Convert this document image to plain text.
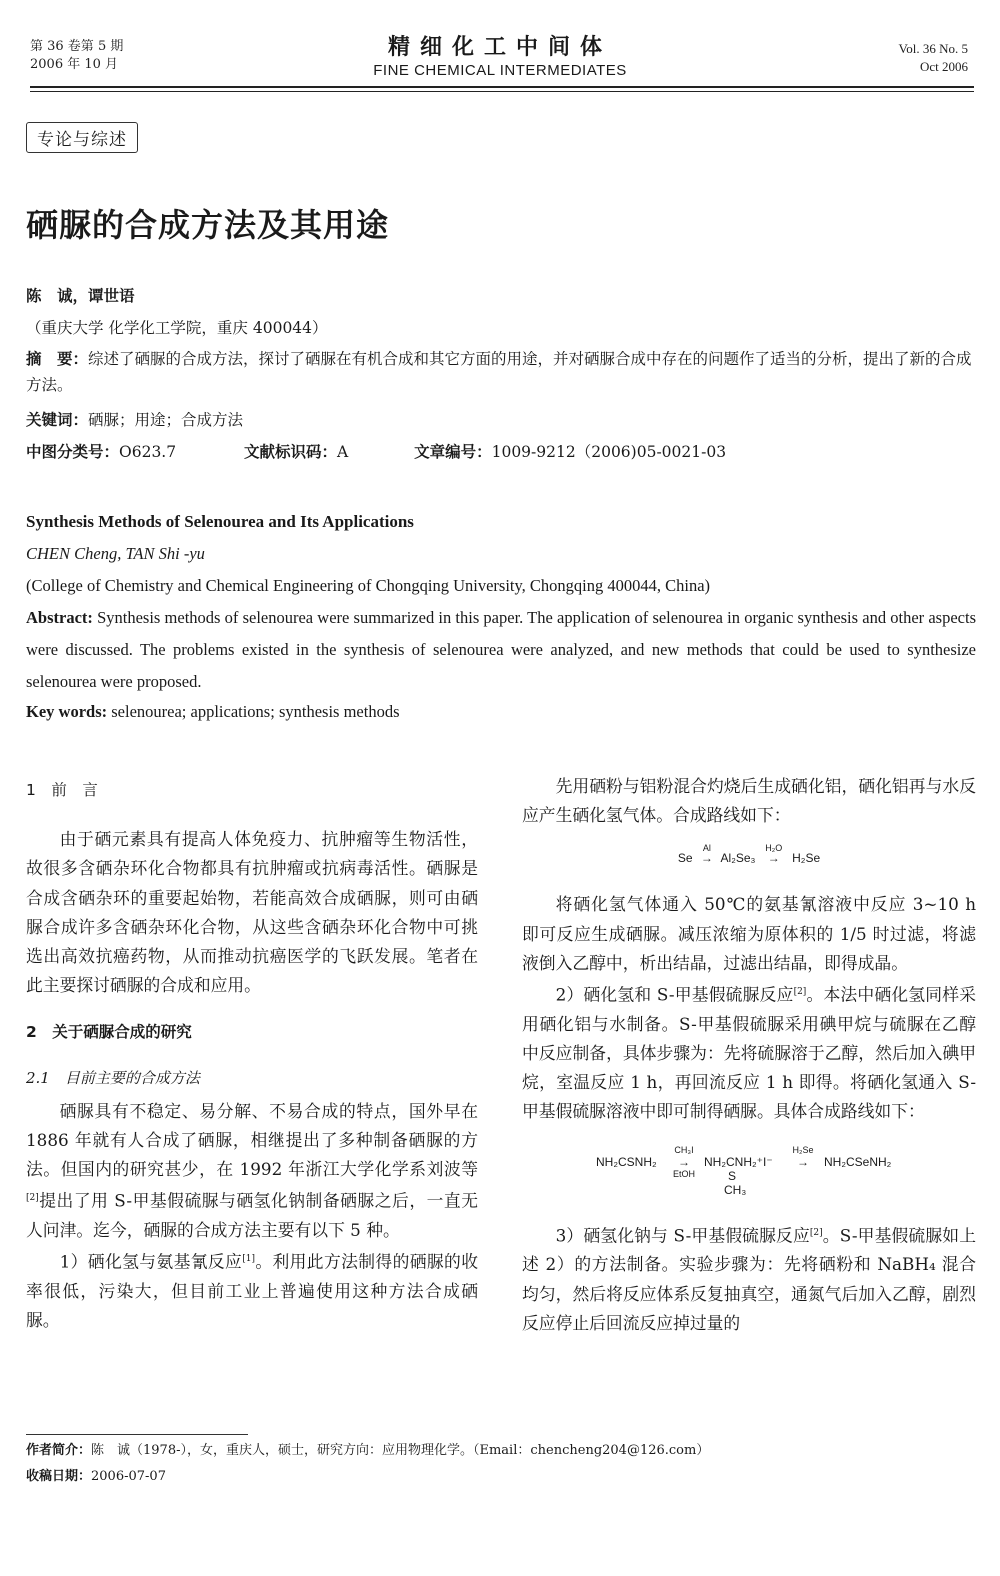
第 36 卷第 5 期
2006 年 10 月
精细化工中间体
FINE CHEMICAL INTERMEDIATES
Vol. 36 No. 5
Oct 2006
专论与综述
硒脲的合成方法及其用途
陈　诚，谭世语
（重庆大学 化学化工学院，重庆 400044）
摘　要：综述了硒脲的合成方法，探讨了硒脲在有机合成和其它方面的用途，并对硒脲合成中存在的问题作了适当的分析，提出了新的合成方法。
关键词：硒脲；用途；合成方法
中图分类号：O623.7	文献标识码：A	文章编号：1009-9212（2006)05-0021-03
Synthesis Methods of Selenourea and Its Applications
CHEN Cheng, TAN Shi -yu
(College of Chemistry and Chemical Engineering of Chongqing University, Chongqing 400044, China)
Abstract: Synthesis methods of selenourea were summarized in this paper. The application of selenourea in organic synthesis and other aspects were discussed. The problems existed in the synthesis of selenourea were analyzed, and new methods that could be used to synthesize selenourea were proposed.
Key words: selenourea; applications; synthesis methods
1　前　言

由于硒元素具有提高人体免疫力、抗肿瘤等生物活性，故很多含硒杂环化合物都具有抗肿瘤或抗病毒活性。硒脲是合成含硒杂环的重要起始物，若能高效合成硒脲，则可由硒脲合成许多含硒杂环化合物，从这些含硒杂环化合物中可挑选出高效抗癌药物，从而推动抗癌医学的飞跃发展。笔者在此主要探讨硒脲的合成和应用。

2　关于硒脲合成的研究
2.1　目前主要的合成方法

硒脲具有不稳定、易分解、不易合成的特点，国外早在 1886 年就有人合成了硒脲，相继提出了多种制备硒脲的方法。但国内的研究甚少，在 1992 年浙江大学化学系刘波等[2]提出了用 S-甲基假硫脲与硒氢化钠制备硒脲之后，一直无人问津。迄今，硒脲的合成方法主要有以下 5 种。

1）硒化氢与氨基氰反应[1]。利用此方法制得的硒脲的收率很低，污染大，但目前工业上普遍使用这种方法合成硒脲。

先用硒粉与铝粉混合灼烧后生成硒化铝，硒化铝再与水反应产生硒化氢气体。合成路线如下：

Se
Al
→ Al₂Se₃
H₂O
→ H₂Se

将硒化氢气体通入 50℃的氨基氰溶液中反应 3~10 h 即可反应生成硒脲。减压浓缩为原体积的 1/5 时过滤，将滤液倒入乙醇中，析出结晶，过滤出结晶，即得成晶。

2）硒化氢和 S-甲基假硫脲反应[2]。本法中硒化氢同样采用硒化铝与水制备。S-甲基假硫脲采用碘甲烷与硫脲在乙醇中反应制备，具体步骤为：先将硫脲溶于乙醇，然后加入碘甲烷，室温反应 1 h，再回流反应 1 h 即得。将硒化氢通入 S-甲基假硫脲溶液中即可制得硒脲。具体合成路线如下：

NH₂CSNH₂
CH₃I
→
EtOH
NH₂CNH₂⁺I⁻
S
CH₃
H₂Se
→	NH₂CSeNH₂

3）硒氢化钠与 S-甲基假硫脲反应[2]。S-甲基假硫脲如上述 2）的方法制备。实验步骤为：先将硒粉和 NaBH₄ 混合均匀，然后将反应体系反复抽真空，通氮气后加入乙醇，剧烈反应停止后回流反应掉过量的

作者简介：陈　诚（1978-），女，重庆人，硕士，研究方向：应用物理化学。（Email：chencheng204@126.com）
收稿日期：2006-07-07
